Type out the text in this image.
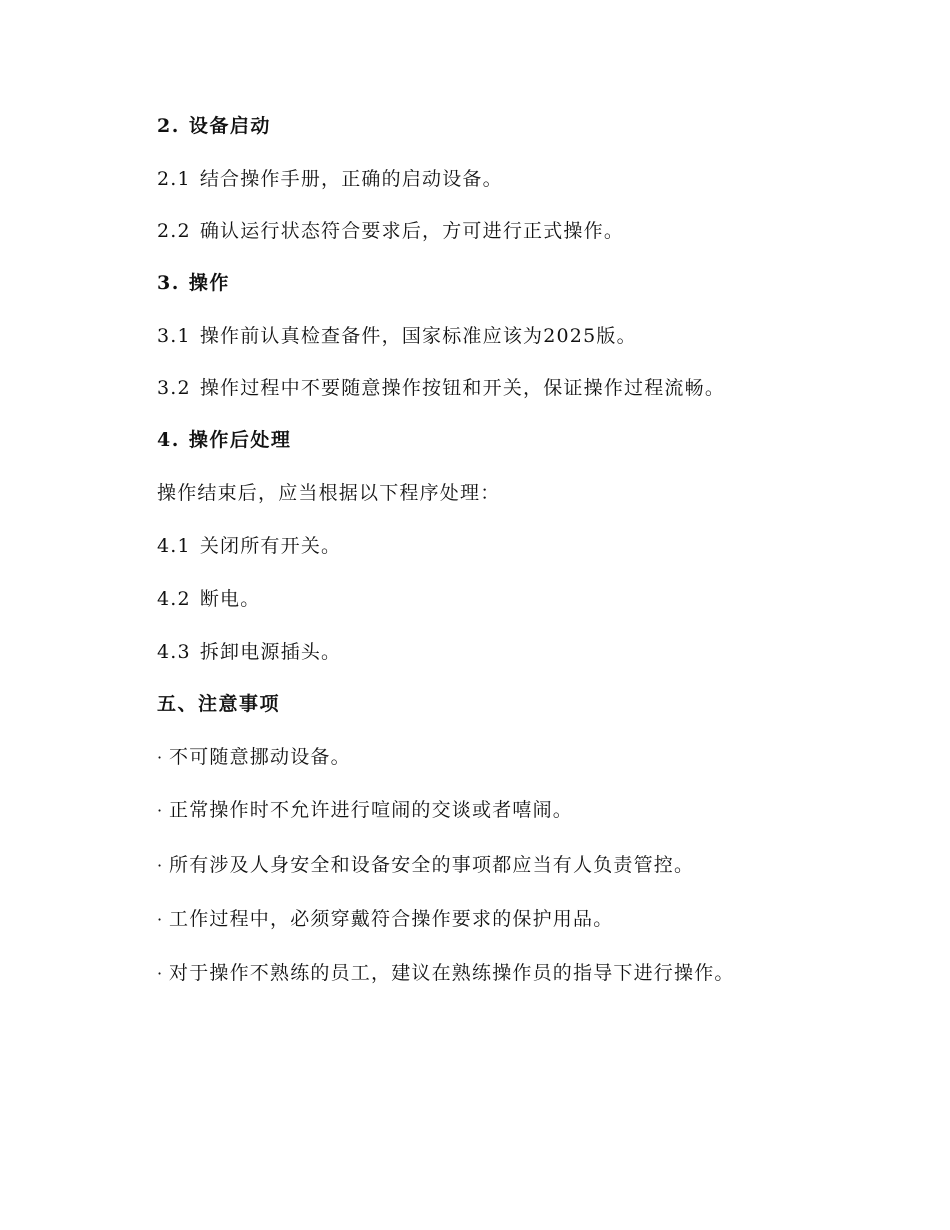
2. 设备启动
2.1 结合操作手册，正确的启动设备。
2.2 确认运行状态符合要求后，方可进行正式操作。
3. 操作
3.1 操作前认真检查备件，国家标准应该为2025版。
3.2 操作过程中不要随意操作按钮和开关，保证操作过程流畅。
4. 操作后处理
操作结束后，应当根据以下程序处理：
4.1 关闭所有开关。
4.2 断电。
4.3 拆卸电源插头。
五、注意事项
· 不可随意挪动设备。
· 正常操作时不允许进行喧闹的交谈或者嘻闹。
· 所有涉及人身安全和设备安全的事项都应当有人负责管控。
· 工作过程中，必须穿戴符合操作要求的保护用品。
· 对于操作不熟练的员工，建议在熟练操作员的指导下进行操作。
